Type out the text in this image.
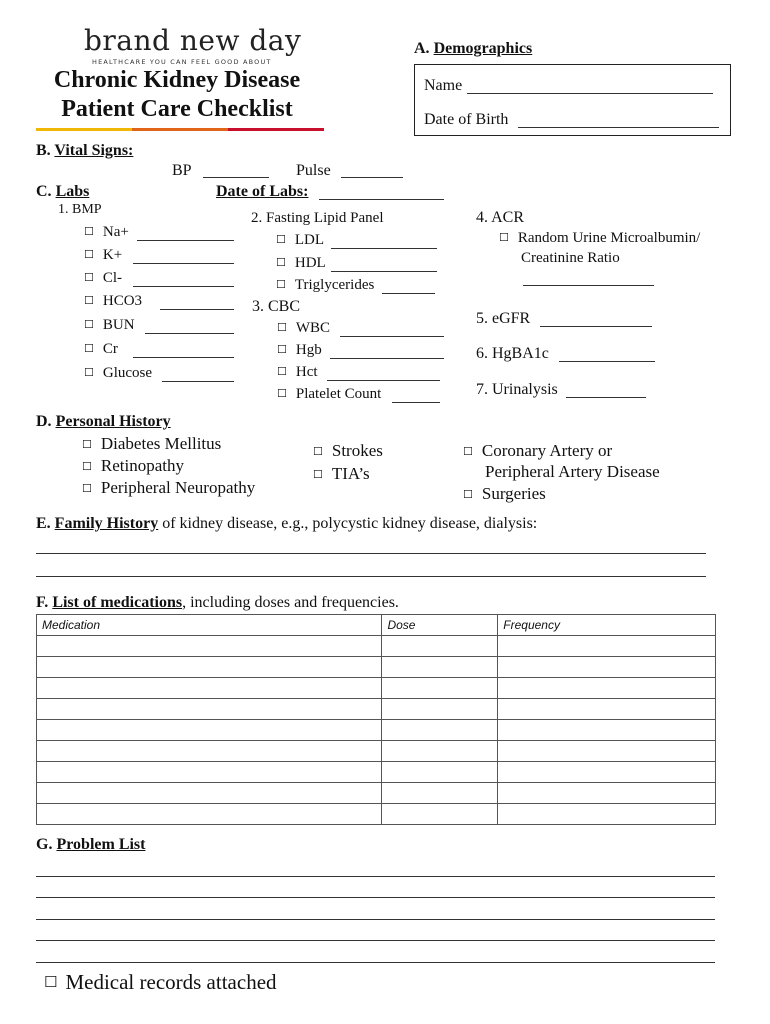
brand new day
HEALTHCARE YOU CAN FEEL GOOD ABOUT
Chronic Kidney Disease
Patient Care Checklist
A. Demographics
Name
Date of Birth
B. Vital Signs:
BP	Pulse
C. Labs	Date of Labs:
1. BMP
☐ Na+
☐ K+
☐ Cl-
☐ HCO3
☐ BUN
☐ Cr
☐ Glucose
2. Fasting Lipid Panel
☐ LDL
☐ HDL
☐ Triglycerides
3. CBC
☐ WBC
☐ Hgb
☐ Hct
☐ Platelet Count
4. ACR
☐ Random Urine Microalbumin/
Creatinine Ratio
5. eGFR
6. HgBA1c
7. Urinalysis
D. Personal History
☐ Diabetes Mellitus
☐ Retinopathy
☐ Peripheral Neuropathy
☐ Strokes
☐ TIA’s
☐ Coronary Artery or
Peripheral Artery Disease
☐ Surgeries
E. Family History of kidney disease, e.g., polycystic kidney disease, dialysis:
F. List of medications, including doses and frequencies.
Medication	Dose	Frequency

G. Problem List
☐ Medical records attached
